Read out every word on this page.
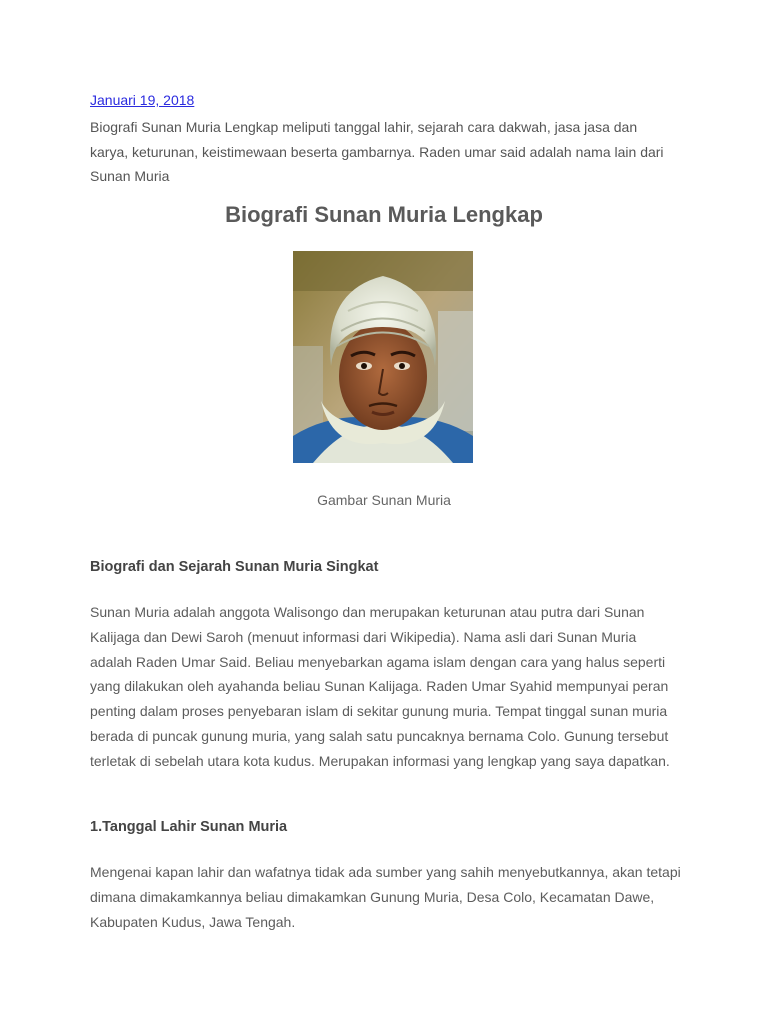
Januari 19, 2018

Biografi Sunan Muria Lengkap meliputi tanggal lahir, sejarah cara dakwah, jasa jasa dan karya, keturunan, keistimewaan beserta gambarnya. Raden umar said adalah nama lain dari Sunan Muria

Biografi Sunan Muria Lengkap

Gambar Sunan Muria

Biografi dan Sejarah Sunan Muria Singkat

Sunan Muria adalah anggota Walisongo dan merupakan keturunan atau putra dari Sunan Kalijaga dan Dewi Saroh (menuut informasi dari Wikipedia). Nama asli dari Sunan Muria adalah Raden Umar Said. Beliau menyebarkan agama islam dengan cara yang halus seperti yang dilakukan oleh ayahanda beliau Sunan Kalijaga. Raden Umar Syahid mempunyai peran penting dalam proses penyebaran islam di sekitar gunung muria. Tempat tinggal sunan muria berada di puncak gunung muria, yang salah satu puncaknya bernama Colo. Gunung tersebut terletak di sebelah utara kota kudus. Merupakan informasi yang lengkap yang saya dapatkan.

1.Tanggal Lahir Sunan Muria

Mengenai kapan lahir dan wafatnya tidak ada sumber yang sahih menyebutkannya, akan tetapi dimana dimakamkannya beliau dimakamkan Gunung Muria, Desa Colo, Kecamatan Dawe, Kabupaten Kudus, Jawa Tengah.
